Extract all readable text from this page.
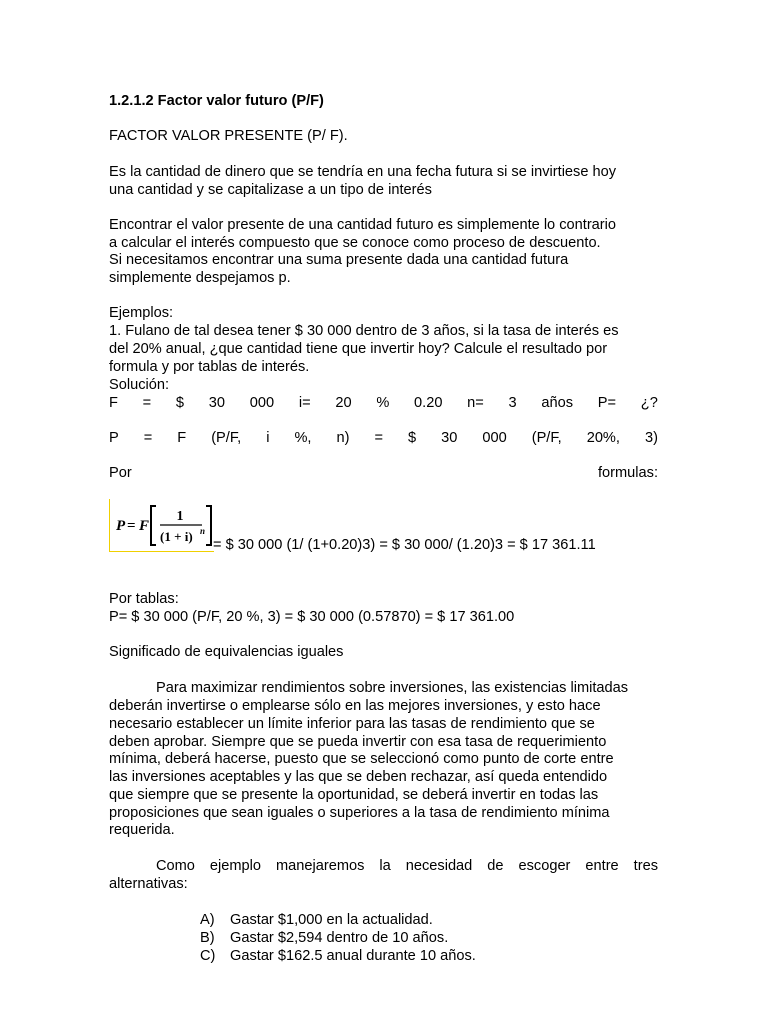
1.2.1.2 Factor valor futuro (P/F)
FACTOR VALOR PRESENTE (P/ F).
Es la cantidad de dinero que se tendría en una fecha futura si se invirtiese hoy
una cantidad y se capitalizase a un tipo de interés
Encontrar el valor presente de una cantidad futuro es simplemente lo contrario
a calcular el interés compuesto que se conoce como proceso de descuento.
Si necesitamos encontrar una suma presente dada una cantidad futura
simplemente despejamos p.
Ejemplos:
1. Fulano de tal desea tener $ 30 000 dentro de 3 años, si la tasa de interés es
del 20% anual, ¿que cantidad tiene que invertir hoy? Calcule el resultado por
formula y por tablas de interés.
Solución:
F = $ 30 000 i= 20 % 0.20 n= 3 años P= ¿?
P = F (P/F, i %, n) = $ 30 000 (P/F, 20%, 3)
Por	formulas:
P = F
1
(1 + i) n
= $ 30 000 (1/ (1+0.20)3) = $ 30 000/ (1.20)3 = $ 17 361.11
Por tablas:
P= $ 30 000 (P/F, 20 %, 3) = $ 30 000 (0.57870) = $ 17 361.00
Significado de equivalencias iguales
Para maximizar rendimientos sobre inversiones, las existencias limitadas
deberán invertirse o emplearse sólo en las mejores inversiones, y esto hace
necesario establecer un límite inferior para las tasas de rendimiento que se
deben aprobar. Siempre que se pueda invertir con esa tasa de requerimiento
mínima, deberá hacerse, puesto que se seleccionó como punto de corte entre
las inversiones aceptables y las que se deben rechazar, así queda entendido
que siempre que se presente la oportunidad, se deberá invertir en todas las
proposiciones que sean iguales o superiores a la tasa de rendimiento mínima
requerida.
Como ejemplo manejaremos la necesidad de escoger entre tres
alternativas:
A) Gastar $1,000 en la actualidad.
B) Gastar $2,594 dentro de 10 años.
C) Gastar $162.5 anual durante 10 años.
